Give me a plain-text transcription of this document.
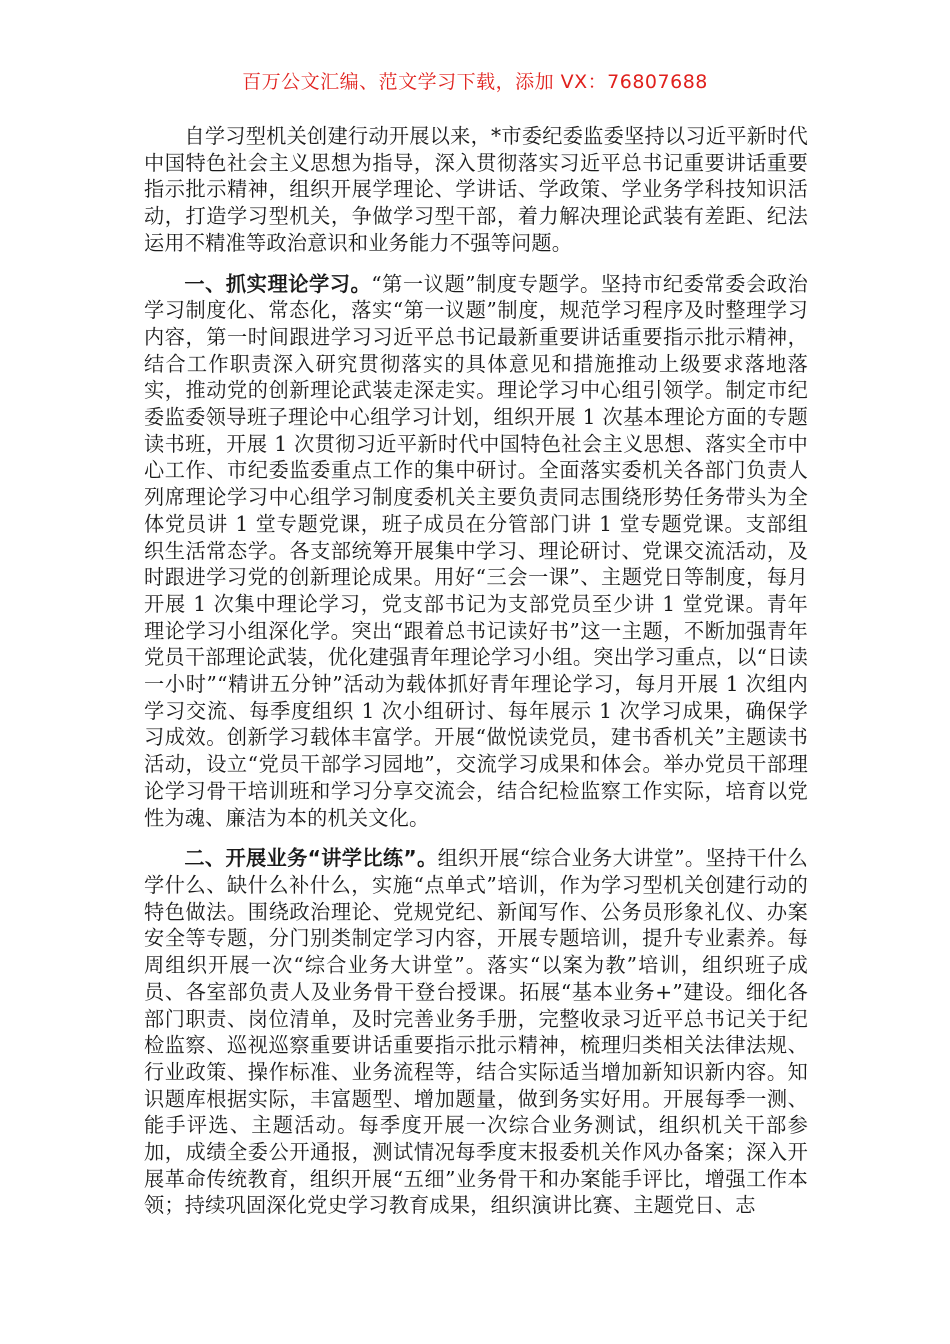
百万公文汇编、范文学习下载，添加 VX：76807688

自学习型机关创建行动开展以来，*市委纪委监委坚持以习近平新时代中国特色社会主义思想为指导，深入贯彻落实习近平总书记重要讲话重要指示批示精神，组织开展学理论、学讲话、学政策、学业务学科技知识活动，打造学习型机关，争做学习型干部，着力解决理论武装有差距、纪法运用不精准等政治意识和业务能力不强等问题。

一、抓实理论学习。“第一议题”制度专题学。坚持市纪委常委会政治学习制度化、常态化，落实“第一议题”制度，规范学习程序及时整理学习内容，第一时间跟进学习习近平总书记最新重要讲话重要指示批示精神，结合工作职责深入研究贯彻落实的具体意见和措施推动上级要求落地落实，推动党的创新理论武装走深走实。理论学习中心组引领学。制定市纪委监委领导班子理论中心组学习计划，组织开展 1 次基本理论方面的专题读书班，开展 1 次贯彻习近平新时代中国特色社会主义思想、落实全市中心工作、市纪委监委重点工作的集中研讨。全面落实委机关各部门负责人列席理论学习中心组学习制度委机关主要负责同志围绕形势任务带头为全体党员讲 1 堂专题党课，班子成员在分管部门讲 1 堂专题党课。支部组织生活常态学。各支部统筹开展集中学习、理论研讨、党课交流活动，及时跟进学习党的创新理论成果。用好“三会一课”、主题党日等制度，每月开展 1 次集中理论学习，党支部书记为支部党员至少讲 1 堂党课。青年理论学习小组深化学。突出“跟着总书记读好书”这一主题，不断加强青年党员干部理论武装，优化建强青年理论学习小组。突出学习重点，以“日读一小时”“精讲五分钟”活动为载体抓好青年理论学习，每月开展 1 次组内学习交流、每季度组织 1 次小组研讨、每年展示 1 次学习成果，确保学习成效。创新学习载体丰富学。开展“做悦读党员，建书香机关”主题读书活动，设立“党员干部学习园地”，交流学习成果和体会。举办党员干部理论学习骨干培训班和学习分享交流会，结合纪检监察工作实际，培育以党性为魂、廉洁为本的机关文化。

二、开展业务“讲学比练”。组织开展“综合业务大讲堂”。坚持干什么学什么、缺什么补什么，实施“点单式”培训，作为学习型机关创建行动的特色做法。围绕政治理论、党规党纪、新闻写作、公务员形象礼仪、办案安全等专题，分门别类制定学习内容，开展专题培训，提升专业素养。每周组织开展一次“综合业务大讲堂”。落实“以案为教”培训，组织班子成员、各室部负责人及业务骨干登台授课。拓展“基本业务+”建设。细化各部门职责、岗位清单，及时完善业务手册，完整收录习近平总书记关于纪检监察、巡视巡察重要讲话重要指示批示精神，梳理归类相关法律法规、行业政策、操作标准、业务流程等，结合实际适当增加新知识新内容。知识题库根据实际，丰富题型、增加题量，做到务实好用。开展每季一测、能手评选、主题活动。每季度开展一次综合业务测试，组织机关干部参加，成绩全委公开通报，测试情况每季度末报委机关作风办备案；深入开展革命传统教育，组织开展“五细”业务骨干和办案能手评比，增强工作本领；持续巩固深化党史学习教育成果，组织演讲比赛、主题党日、志
